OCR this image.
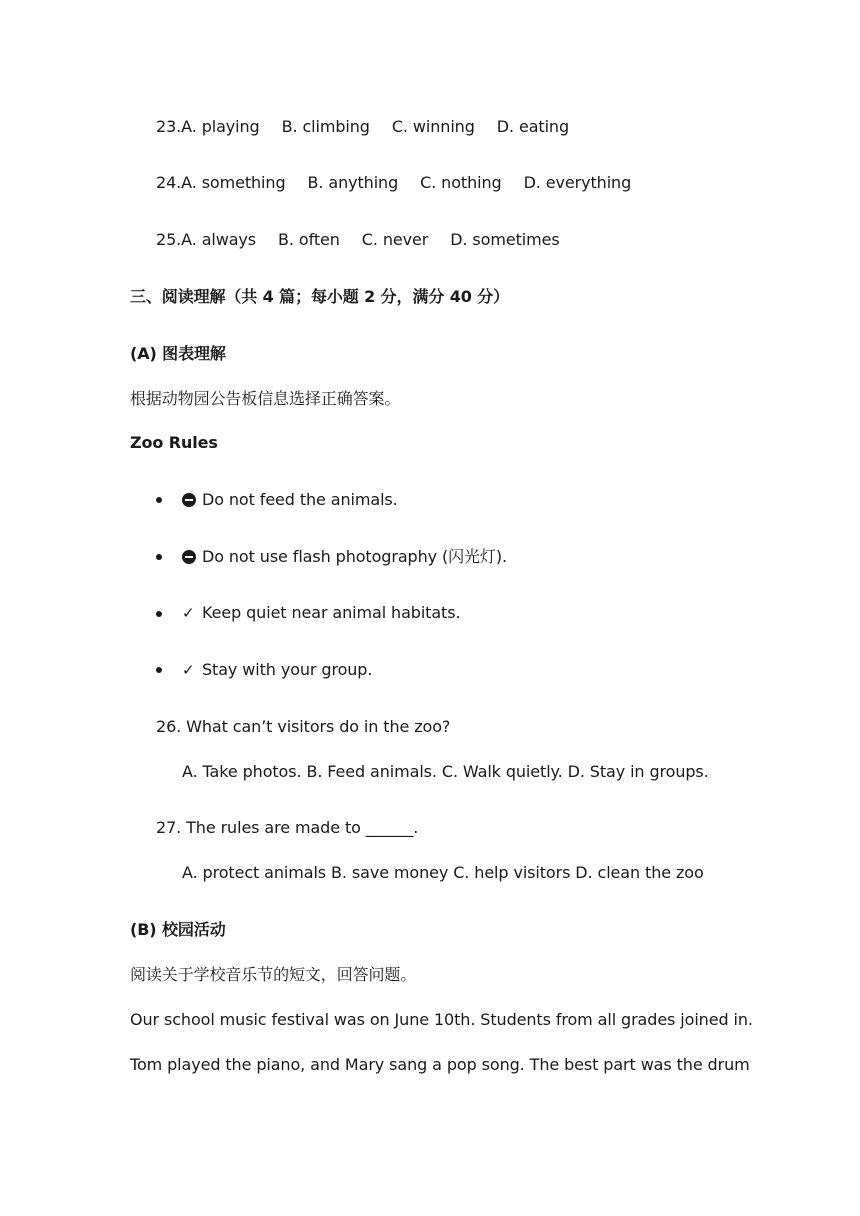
23.A. playing B. climbing C. winning D. eating
24.A. something B. anything C. nothing D. everything
25.A. always B. often C. never D. sometimes
三、阅读理解（共 4 篇；每小题 2 分，满分 40 分）
(A) 图表理解
根据动物园公告板信息选择正确答案。
Zoo Rules
Do not feed the animals.
Do not use flash photography (闪光灯).
✓ Keep quiet near animal habitats.
✓ Stay with your group.
26. What can’t visitors do in the zoo?
A. Take photos. B. Feed animals. C. Walk quietly. D. Stay in groups.
27. The rules are made to ______.
A. protect animals B. save money C. help visitors D. clean the zoo
(B) 校园活动
阅读关于学校音乐节的短文，回答问题。
Our school music festival was on June 10th. Students from all grades joined in.
Tom played the piano, and Mary sang a pop song. The best part was the drum
